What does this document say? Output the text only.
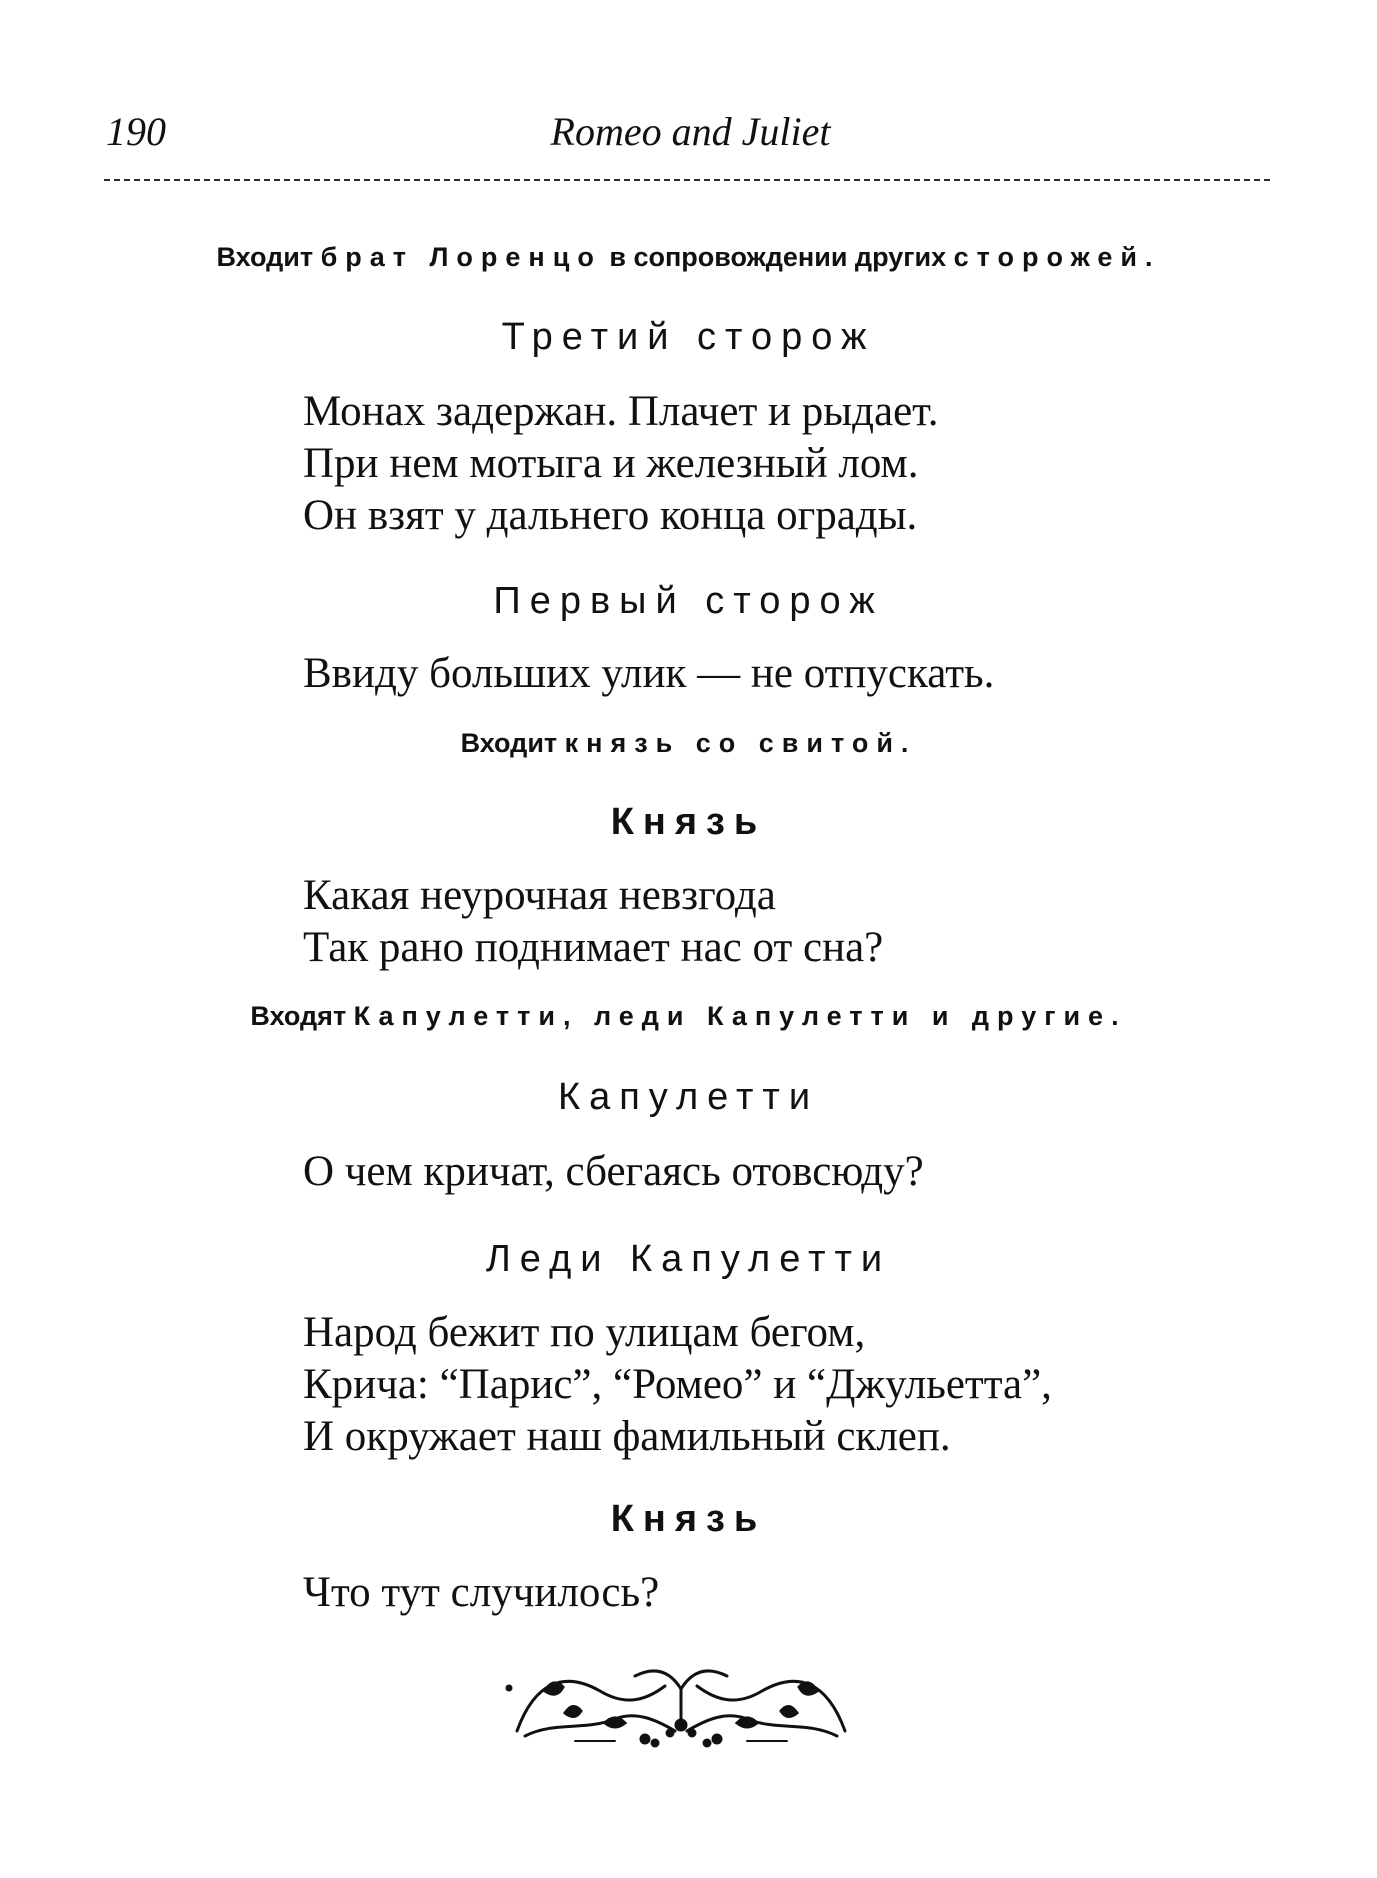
190	Romeo and Juliet
Входит брат Лоренцо в сопровождении других сторожей.
Третий сторож
Монах задержан. Плачет и рыдает.
При нем мотыга и железный лом.
Он взят у дальнего конца ограды.
Первый сторож
Ввиду больших улик — не отпускать.
Входит князь со свитой.
Князь
Какая неурочная невзгода
Так рано поднимает нас от сна?
Входят Капулетти, леди Капулетти и другие.
Капулетти
О чем кричат, сбегаясь отовсюду?
Леди Капулетти
Народ бежит по улицам бегом,
Крича: “Парис”, “Ромео” и “Джульетта”,
И окружает наш фамильный склеп.
Князь
Что тут случилось?
